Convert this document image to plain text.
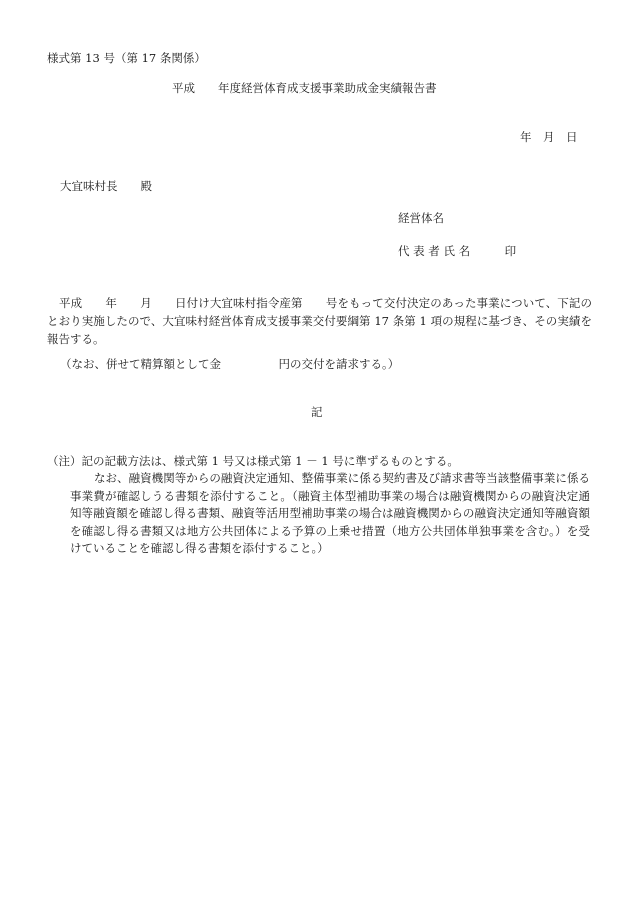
様式第 13 号（第 17 条関係）
平成　　年度経営体育成支援事業助成金実績報告書
年　月　日
大宜味村長　　殿
経営体名
代 表 者 氏 名　　　印
平成　　年　　月　　日付け大宜味村指令産第　　号をもって交付決定のあった事業について、下記のとおり実施したので、大宜味村経営体育成支援事業交付要綱第 17 条第 1 項の規程に基づき、その実績を報告する。
（なお、併せて精算額として金　　　　　円の交付を請求する。）
記
（注）記の記載方法は、様式第 1 号又は様式第 1 － 1 号に準ずるものとする。
なお、融資機関等からの融資決定通知、整備事業に係る契約書及び請求書等当該整備事業に係る事業費が確認しうる書類を添付すること。（融資主体型補助事業の場合は融資機関からの融資決定通知等融資額を確認し得る書類、融資等活用型補助事業の場合は融資機関からの融資決定通知等融資額を確認し得る書類又は地方公共団体による予算の上乗せ措置（地方公共団体単独事業を含む。）を受けていることを確認し得る書類を添付すること。）
